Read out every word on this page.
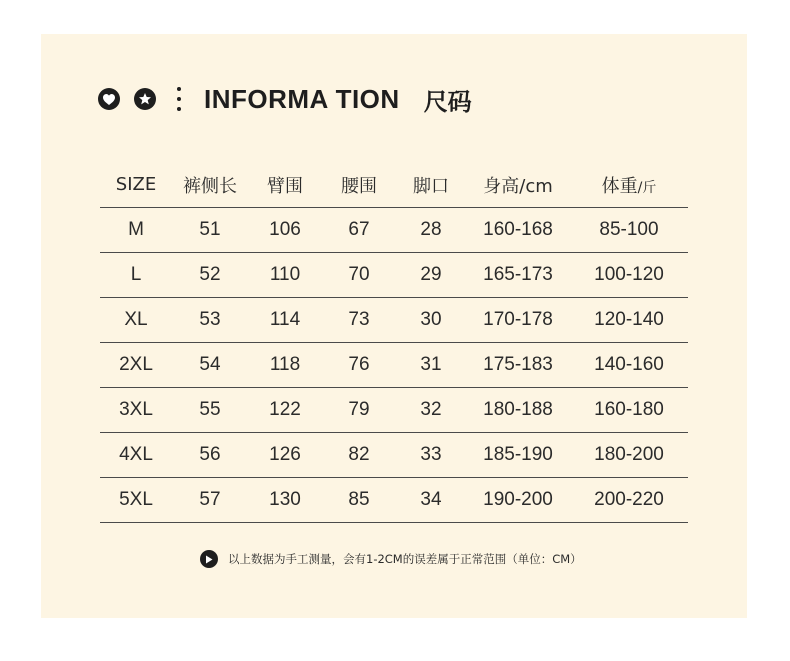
INFORMA TION 尺码
SIZE	裤侧长	臂围	腰围	脚口	身高/cm	体重/斤
M	51	106	67	28	160-168	85-100
L	52	110	70	29	165-173	100-120
XL	53	114	73	30	170-178	120-140
2XL	54	118	76	31	175-183	140-160
3XL	55	122	79	32	180-188	160-180
4XL	56	126	82	33	185-190	180-200
5XL	57	130	85	34	190-200	200-220
以上数据为手工测量，会有1-2CM的误差属于正常范围（单位：CM）
